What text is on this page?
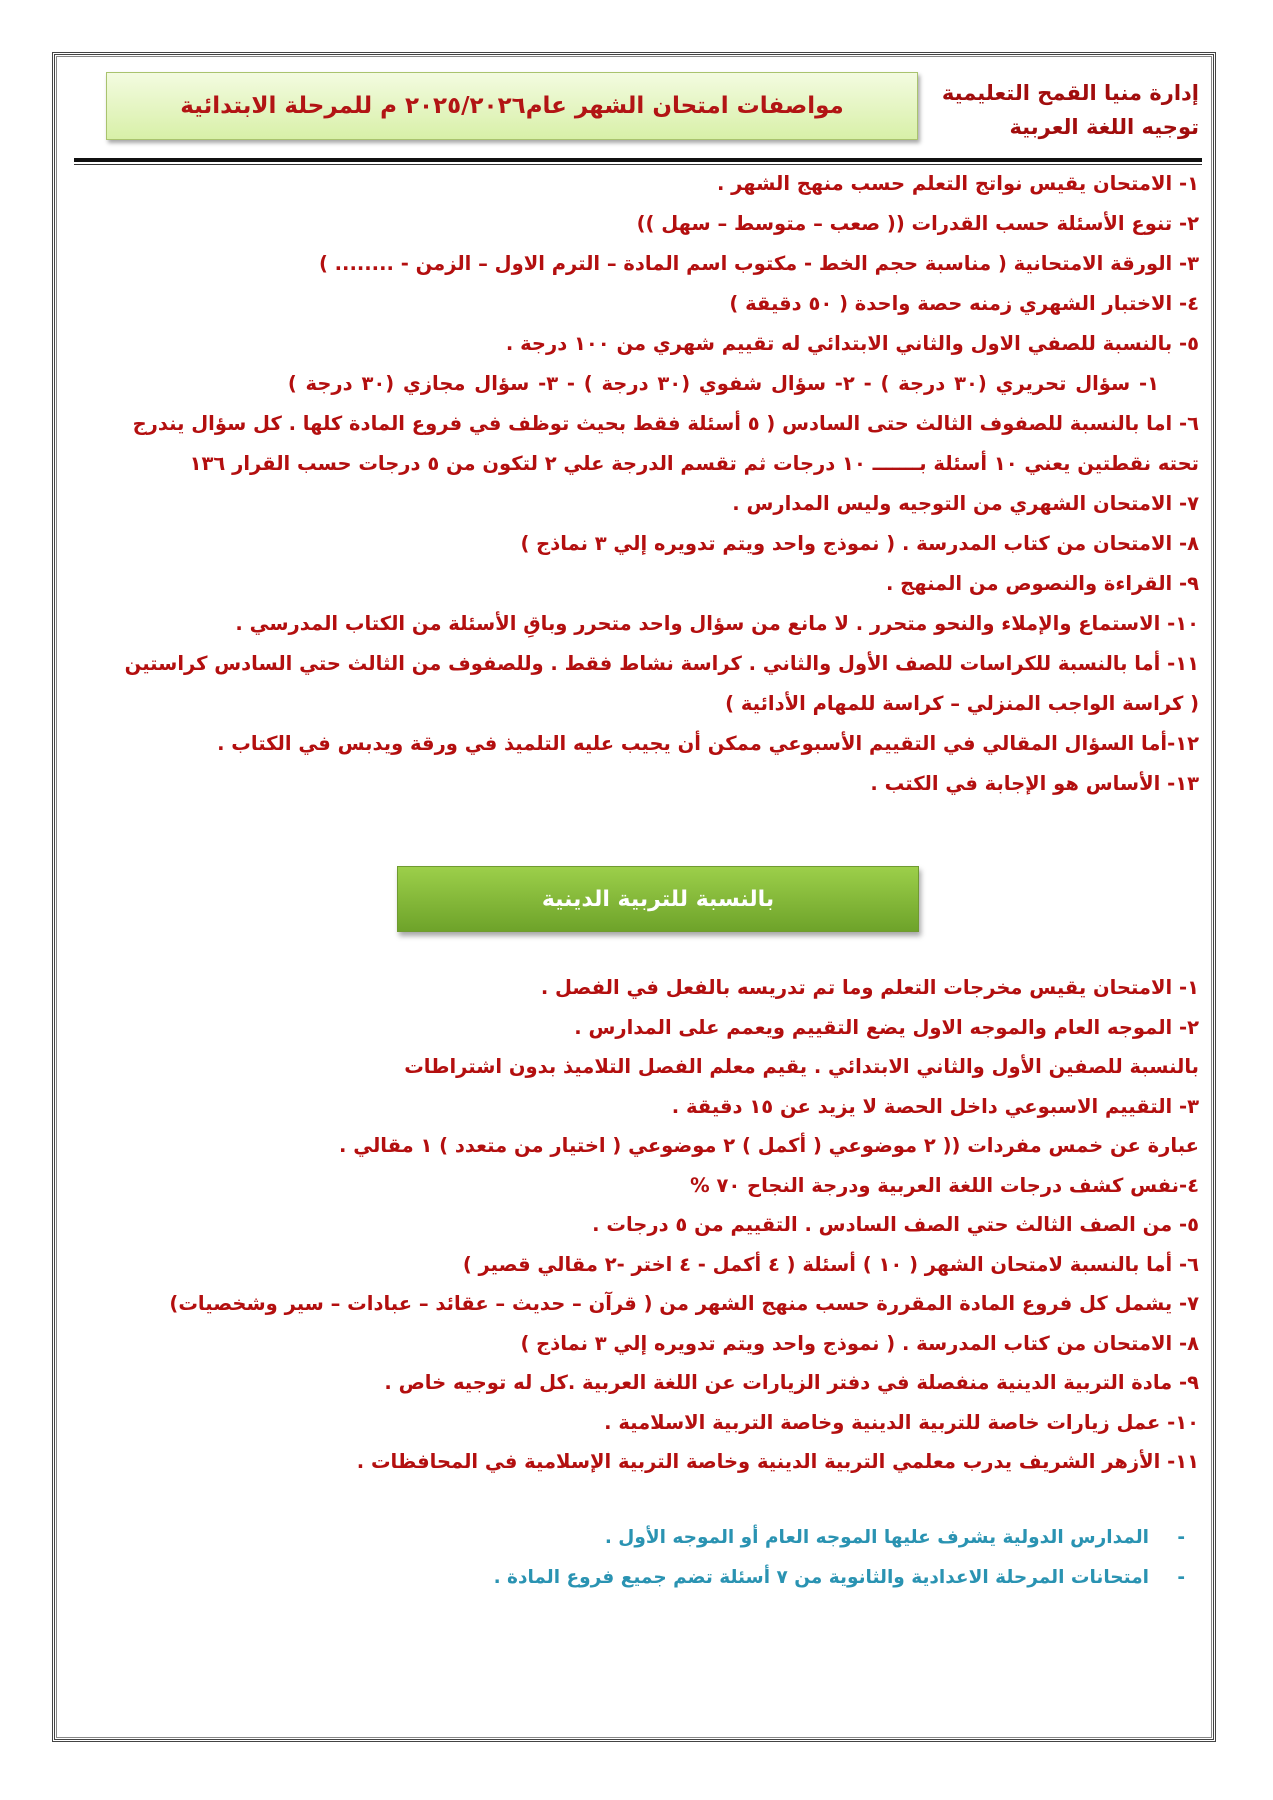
إدارة منيا القمح التعليمية
توجيه اللغة العربية
مواصفات امتحان الشهر عام٢٠٢٥/٢٠٢٦ م للمرحلة الابتدائية
١- الامتحان يقيس نواتج التعلم حسب منهج الشهر .
٢- تنوع الأسئلة حسب القدرات (( صعب – متوسط – سهل ))
٣- الورقة الامتحانية ( مناسبة حجم الخط - مكتوب اسم المادة – الترم الاول – الزمن - ........ )
٤- الاختبار الشهري زمنه حصة واحدة ( ٥٠ دقيقة )
٥- بالنسبة للصفي الاول والثاني الابتدائي له تقييم شهري من ١٠٠ درجة .
١- سؤال تحريري (٣٠ درجة ) - ٢- سؤال شفوي (٣٠ درجة ) - ٣- سؤال مجازي (٣٠ درجة )
٦- اما بالنسبة للصفوف الثالث حتى السادس ( ٥ أسئلة فقط بحيث توظف في فروع المادة كلها . كل سؤال يندرج
تحته نقطتين يعني ١٠ أسئلة بـــــــ ١٠ درجات ثم تقسم الدرجة علي ٢ لتكون من ٥ درجات حسب القرار ١٣٦
٧- الامتحان الشهري من التوجيه وليس المدارس .
٨- الامتحان من كتاب المدرسة . ( نموذج واحد ويتم تدويره إلي ٣ نماذج )
٩- القراءة والنصوص من المنهج .
١٠- الاستماع والإملاء والنحو متحرر . لا مانع من سؤال واحد متحرر وباقِ الأسئلة من الكتاب المدرسي .
١١- أما بالنسبة للكراسات للصف الأول والثاني . كراسة نشاط فقط . وللصفوف من الثالث حتي السادس كراستين
( كراسة الواجب المنزلي – كراسة للمهام الأدائية )
١٢-أما السؤال المقالي في التقييم الأسبوعي ممكن أن يجيب عليه التلميذ في ورقة ويدبس في الكتاب .
١٣- الأساس هو الإجابة في الكتب .
بالنسبة للتربية الدينية
١- الامتحان يقيس مخرجات التعلم وما تم تدريسه بالفعل في الفصل .
٢- الموجه العام والموجه الاول يضع التقييم ويعمم على المدارس .
بالنسبة للصفين الأول والثاني الابتدائي . يقيم معلم الفصل التلاميذ بدون اشتراطات
٣- التقييم الاسبوعي داخل الحصة لا يزيد عن ١٥ دقيقة .
عبارة عن خمس مفردات (( ٢ موضوعي ( أكمل ) ٢ موضوعي ( اختيار من متعدد ) ١ مقالي .
٤-نفس كشف درجات اللغة العربية ودرجة النجاح ٧٠ %
٥- من الصف الثالث حتي الصف السادس . التقييم من ٥ درجات .
٦- أما بالنسبة لامتحان الشهر ( ١٠ ) أسئلة ( ٤ أكمل - ٤ اختر -٢ مقالي قصير )
٧- يشمل كل فروع المادة المقررة حسب منهج الشهر من ( قرآن – حديث – عقائد – عبادات – سير وشخصيات)
٨- الامتحان من كتاب المدرسة . ( نموذج واحد ويتم تدويره إلي ٣ نماذج )
٩- مادة التربية الدينية منفصلة في دفتر الزيارات عن اللغة العربية .كل له توجيه خاص .
١٠- عمل زيارات خاصة للتربية الدينية وخاصة التربية الاسلامية .
١١- الأزهر الشريف يدرب معلمي التربية الدينية وخاصة التربية الإسلامية في المحافظات .
-المدارس الدولية يشرف عليها الموجه العام أو الموجه الأول .
-امتحانات المرحلة الاعدادية والثانوية من ٧ أسئلة تضم جميع فروع المادة .
